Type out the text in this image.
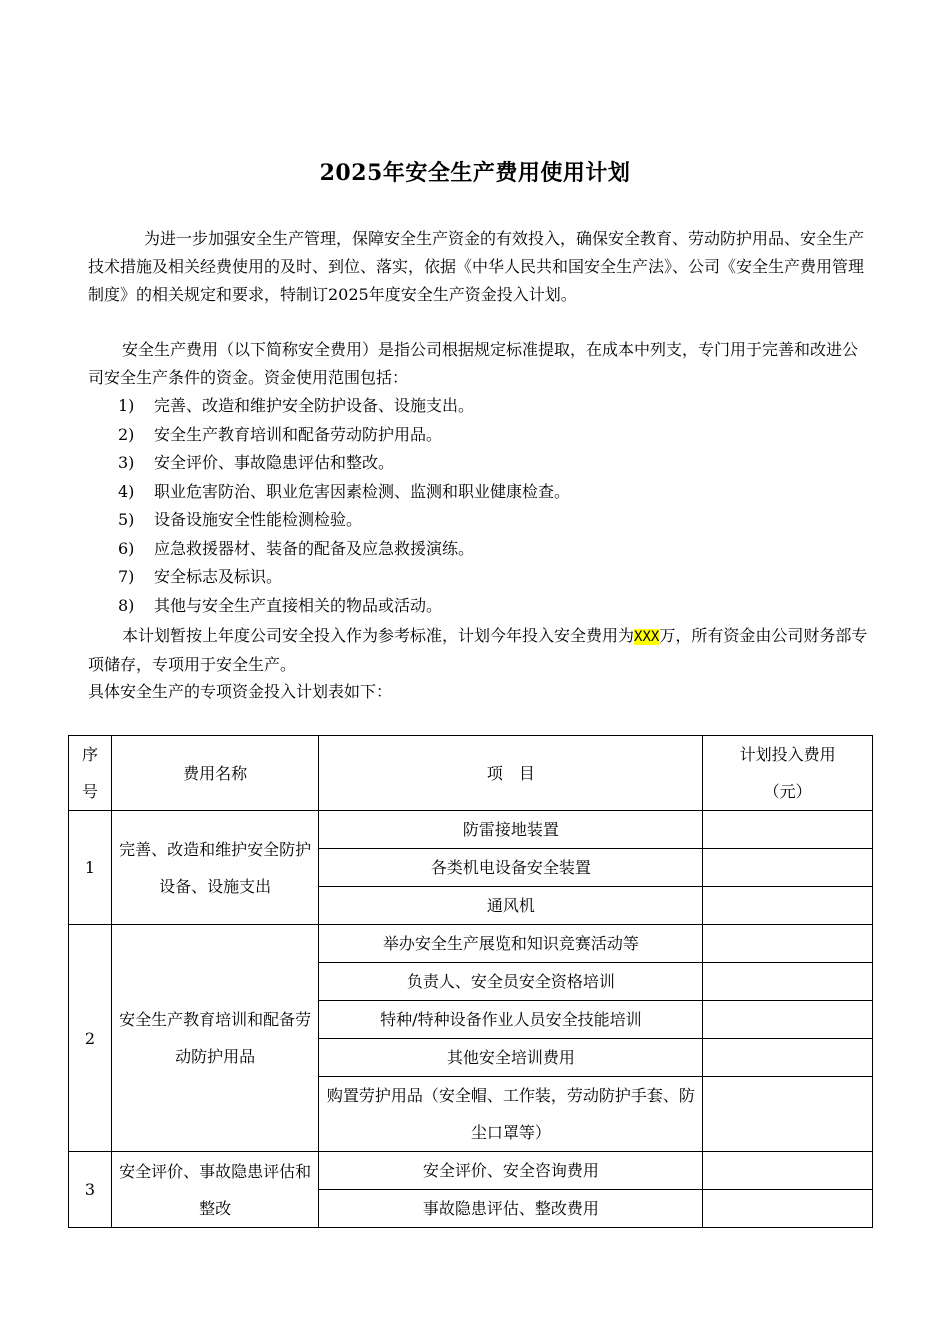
2025年安全生产费用使用计划
为进一步加强安全生产管理，保障安全生产资金的有效投入，确保安全教育、劳动防护用品、安全生产技术措施及相关经费使用的及时、到位、落实，依据《中华人民共和国安全生产法》、公司《安全生产费用管理制度》的相关规定和要求，特制订2025年度安全生产资金投入计划。
安全生产费用（以下简称安全费用）是指公司根据规定标准提取，在成本中列支，专门用于完善和改进公司安全生产条件的资金。资金使用范围包括：
1) 完善、改造和维护安全防护设备、设施支出。
2) 安全生产教育培训和配备劳动防护用品。
3) 安全评价、事故隐患评估和整改。
4) 职业危害防治、职业危害因素检测、监测和职业健康检查。
5) 设备设施安全性能检测检验。
6) 应急救援器材、装备的配备及应急救援演练。
7) 安全标志及标识。
8) 其他与安全生产直接相关的物品或活动。
本计划暂按上年度公司安全投入作为参考标准，计划今年投入安全费用为XXX万，所有资金由公司财务部专项储存，专项用于安全生产。
具体安全生产的专项资金投入计划表如下：
序号	费用名称	项　目	计划投入费用
（元）
1	完善、改造和维护安全防护设备、设施支出	防雷接地装置	
		各类机电设备安全装置	
		通风机	
2	安全生产教育培训和配备劳动防护用品	举办安全生产展览和知识竞赛活动等	
		负责人、安全员安全资格培训	
		特种/特种设备作业人员安全技能培训	
		其他安全培训费用	
		购置劳护用品（安全帽、工作装，劳动防护手套、防尘口罩等）	
3	安全评价、事故隐患评估和整改	安全评价、安全咨询费用	
		事故隐患评估、整改费用	
